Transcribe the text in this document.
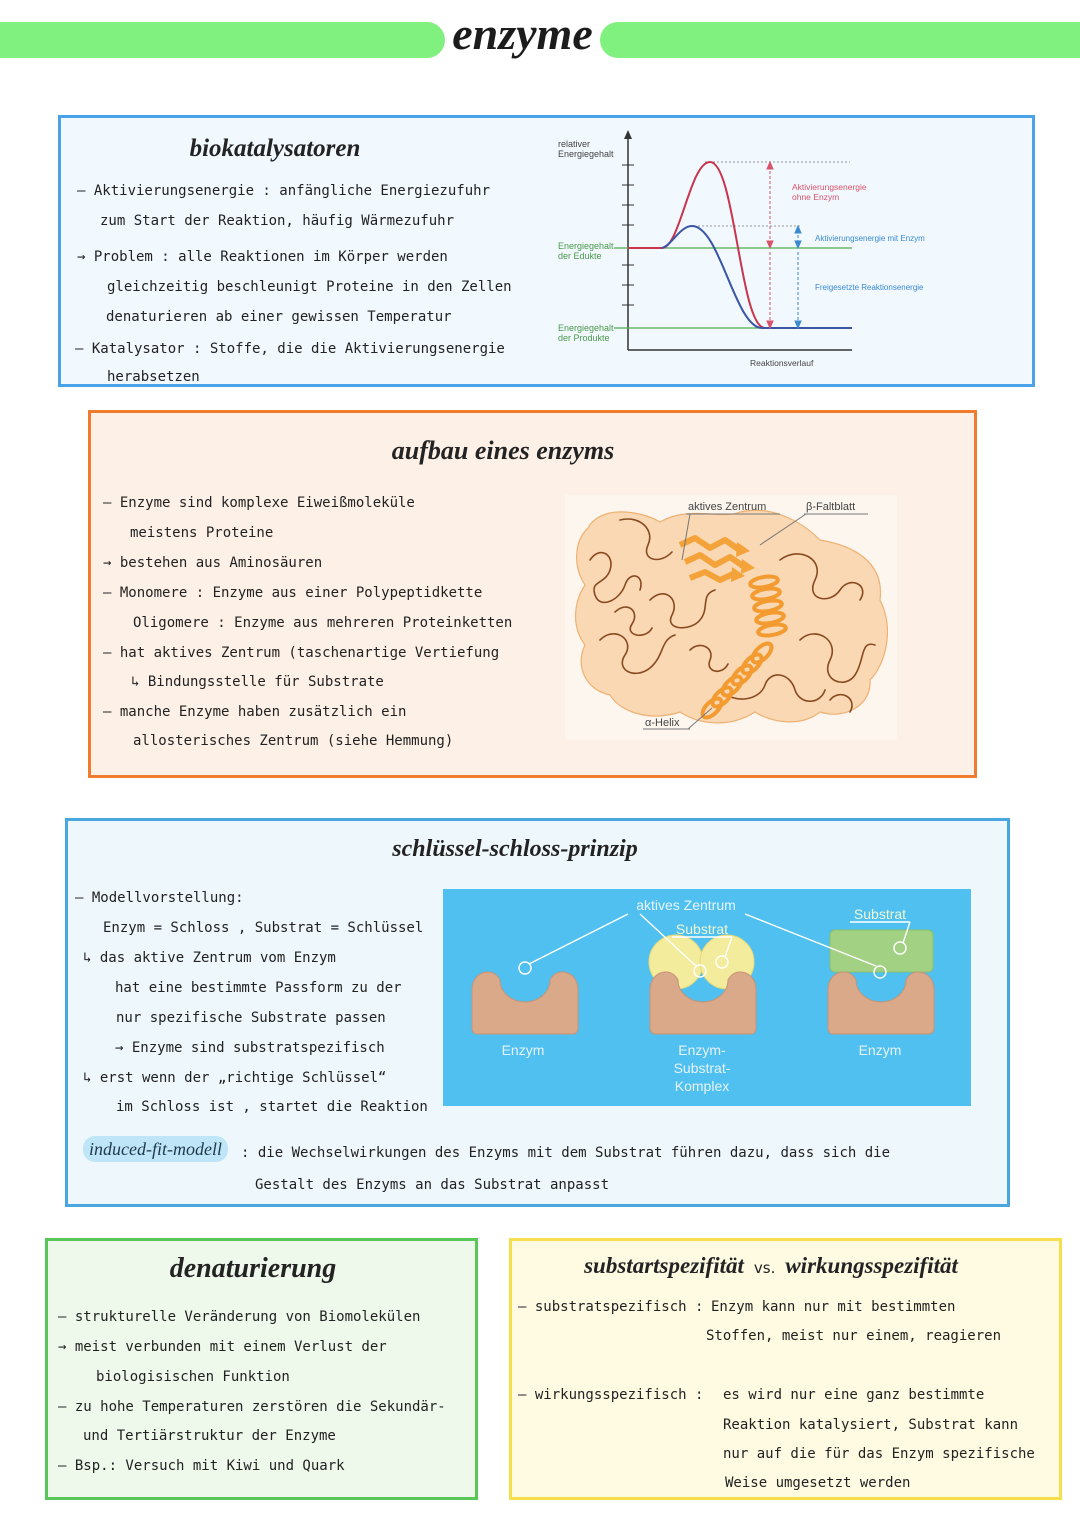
enzyme
biokatalysatoren
— Aktivierungsenergie : anfängliche Energiezufuhr
zum Start der Reaktion, häufig Wärmezufuhr
→ Problem : alle Reaktionen im Körper werden
gleichzeitig beschleunigt Proteine in den Zellen
denaturieren ab einer gewissen Temperatur
— Katalysator : Stoffe, die die Aktivierungsenergie
herabsetzen
relativer
Energiegehalt
Energiegehalt
der Edukte
Energiegehalt
der Produkte
Aktivierungsenergie
ohne Enzym
Aktivierungsenergie mit Enzym
Freigesetzte Reaktionsenergie
Reaktionsverlauf
aufbau eines enzyms
— Enzyme sind komplexe Eiweißmoleküle
meistens Proteine
→ bestehen aus Aminosäuren
— Monomere : Enzyme aus einer Polypeptidkette
Oligomere : Enzyme aus mehreren Proteinketten
— hat aktives Zentrum (taschenartige Vertiefung
↳ Bindungsstelle für Substrate
— manche Enzyme haben zusätzlich ein
allosterisches Zentrum (siehe Hemmung)
aktives Zentrum	β-Faltblatt
α-Helix
schlüssel-schloss-prinzip
— Modellvorstellung:
Enzym = Schloss , Substrat = Schlüssel
↳ das aktive Zentrum vom Enzym
hat eine bestimmte Passform zu der
nur spezifische Substrate passen
→ Enzyme sind substratspezifisch
↳ erst wenn der „richtige Schlüssel“
im Schloss ist , startet die Reaktion
aktives Zentrum
Substrat
Substrat
Enzym	Enzym-
Substrat-
Komplex
Enzym
induced-fit-modell	: die Wechselwirkungen des Enzyms mit dem Substrat führen dazu, dass sich die
Gestalt des Enzyms an das Substrat anpasst
denaturierung
— strukturelle Veränderung von Biomolekülen
→ meist verbunden mit einem Verlust der
biologisischen Funktion
— zu hohe Temperaturen zerstören die Sekundär-
und Tertiärstruktur der Enzyme
— Bsp.: Versuch mit Kiwi und Quark
substartspezifität vs. wirkungsspezifität
— substratspezifisch : Enzym kann nur mit bestimmten
Stoffen, meist nur einem, reagieren
— wirkungsspezifisch : es wird nur eine ganz bestimmte
Reaktion katalysiert, Substrat kann
nur auf die für das Enzym spezifische
Weise umgesetzt werden
